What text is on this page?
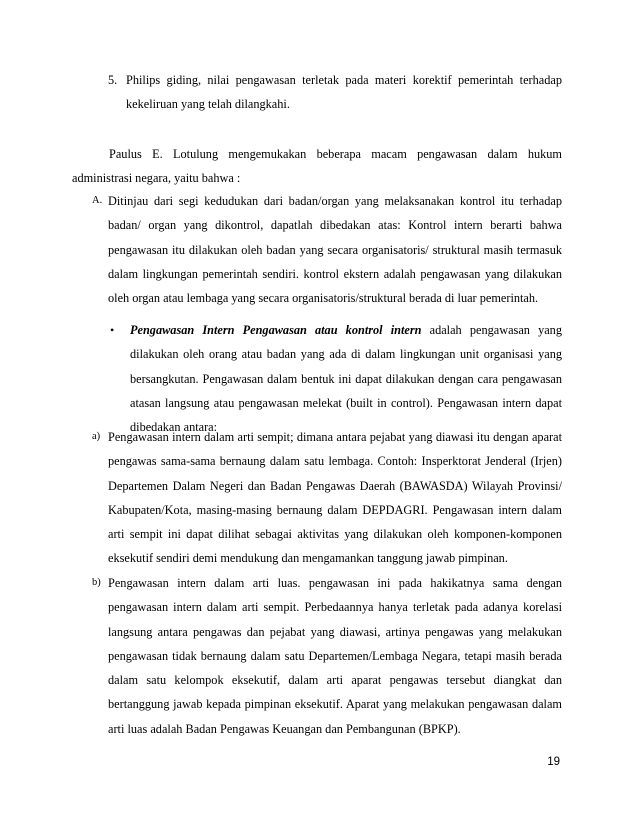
5. Philips giding, nilai pengawasan terletak pada materi korektif pemerintah terhadap kekeliruan yang telah dilangkahi.
Paulus E. Lotulung mengemukakan beberapa macam pengawasan dalam hukum administrasi negara, yaitu bahwa :
A. Ditinjau dari segi kedudukan dari badan/organ yang melaksanakan kontrol itu terhadap badan/ organ yang dikontrol, dapatlah dibedakan atas: Kontrol intern berarti bahwa pengawasan itu dilakukan oleh badan yang secara organisatoris/ struktural masih termasuk dalam lingkungan pemerintah sendiri. kontrol ekstern adalah pengawasan yang dilakukan oleh organ atau lembaga yang secara organisatoris/struktural berada di luar pemerintah.
• Pengawasan Intern Pengawasan atau kontrol intern adalah pengawasan yang dilakukan oleh orang atau badan yang ada di dalam lingkungan unit organisasi yang bersangkutan. Pengawasan dalam bentuk ini dapat dilakukan dengan cara pengawasan atasan langsung atau pengawasan melekat (built in control). Pengawasan intern dapat dibedakan antara:
a) Pengawasan intern dalam arti sempit; dimana antara pejabat yang diawasi itu dengan aparat pengawas sama-sama bernaung dalam satu lembaga. Contoh: Insperktorat Jenderal (Irjen) Departemen Dalam Negeri dan Badan Pengawas Daerah (BAWASDA) Wilayah Provinsi/ Kabupaten/Kota, masing-masing bernaung dalam DEPDAGRI. Pengawasan intern dalam arti sempit ini dapat dilihat sebagai aktivitas yang dilakukan oleh komponen-komponen eksekutif sendiri demi mendukung dan mengamankan tanggung jawab pimpinan.
b) Pengawasan intern dalam arti luas. pengawasan ini pada hakikatnya sama dengan pengawasan intern dalam arti sempit. Perbedaannya hanya terletak pada adanya korelasi langsung antara pengawas dan pejabat yang diawasi, artinya pengawas yang melakukan pengawasan tidak bernaung dalam satu Departemen/Lembaga Negara, tetapi masih berada dalam satu kelompok eksekutif, dalam arti aparat pengawas tersebut diangkat dan bertanggung jawab kepada pimpinan eksekutif. Aparat yang melakukan pengawasan dalam arti luas adalah Badan Pengawas Keuangan dan Pembangunan (BPKP).
19
